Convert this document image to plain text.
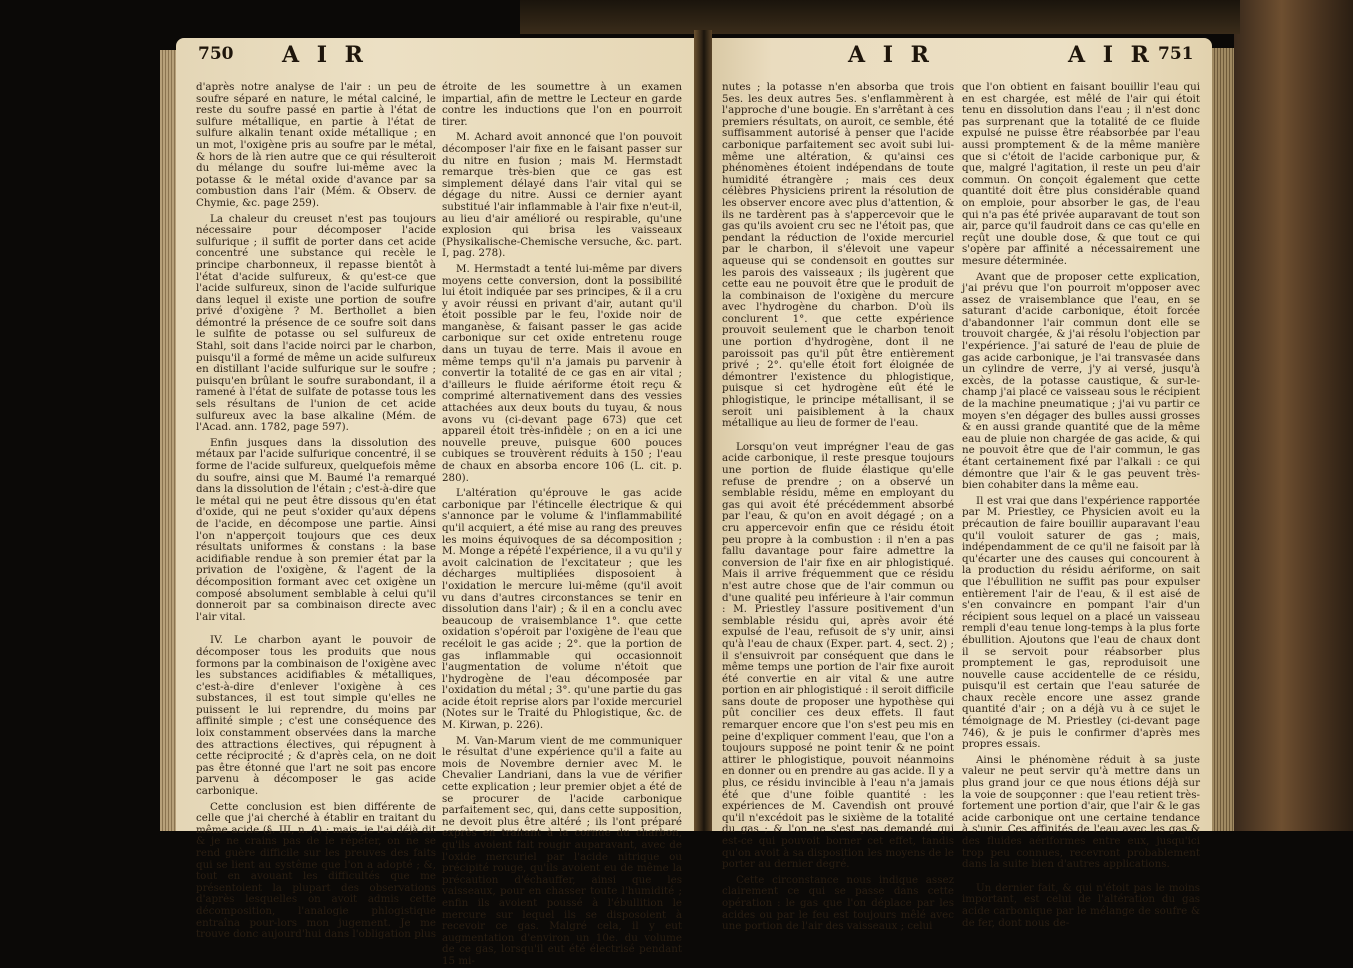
750 A I R	A I R	A I R 751

d'après notre analyse de l'air : un peu de soufre séparé en nature, le métal calciné, le reste du soufre passé en partie à l'état de sulfure métallique, en partie à l'état de sulfure alkalin tenant oxide métallique ; en un mot, l'oxigène pris au soufre par le métal, & hors de là rien autre que ce qui résulteroit du mélange du soufre lui-même avec la potasse & le métal oxide d'avance par sa combustion dans l'air (Mém. & Observ. de Chymie, &c. page 259).

La chaleur du creuset n'est pas toujours nécessaire pour décomposer l'acide sulfurique ; il suffit de porter dans cet acide concentré une substance qui recèle le principe charbonneux, il repasse bientôt à l'état d'acide sulfureux, & qu'est-ce que l'acide sulfureux, sinon de l'acide sulfurique dans lequel il existe une portion de soufre privé d'oxigène ? M. Berthollet a bien démontré la présence de ce soufre soit dans le sulfite de potasse ou sel sulfureux de Stahl, soit dans l'acide noirci par le charbon, puisqu'il a formé de même un acide sulfureux en distillant l'acide sulfurique sur le soufre ; puisqu'en brûlant le soufre surabondant, il a ramené à l'état de sulfate de potasse tous les sels résultans de l'union de cet acide sulfureux avec la base alkaline (Mém. de l'Acad. ann. 1782, page 597).

Enfin jusques dans la dissolution des métaux par l'acide sulfurique concentré, il se forme de l'acide sulfureux, quelquefois même du soufre, ainsi que M. Baumé l'a remarqué dans la dissolution de l'étain ; c'est-à-dire que le métal qui ne peut être dissous qu'en état d'oxide, qui ne peut s'oxider qu'aux dépens de l'acide, en décompose une partie. Ainsi l'on n'apperçoit toujours que ces deux résultats uniformes & constans : la base acidifiable rendue à son premier état par la privation de l'oxigène, & l'agent de la décomposition formant avec cet oxigène un composé absolument semblable à celui qu'il donneroit par sa combinaison directe avec l'air vital.

IV. Le charbon ayant le pouvoir de décomposer tous les produits que nous formons par la combinaison de l'oxigène avec les substances acidifiables & métalliques, c'est-à-dire d'enlever l'oxigène à ces substances, il est tout simple qu'elles ne puissent le lui reprendre, du moins par affinité simple ; c'est une conséquence des loix constamment observées dans la marche des attractions électives, qui répugnent à cette réciprocité ; & d'après cela, on ne doit pas être étonné que l'art ne soit pas encore parvenu à décomposer le gas acide carbonique.

Cette conclusion est bien différente de celle que j'ai cherché à établir en traitant du même acide (§. III, n. 4) ; mais, je l'ai déjà dit & je ne crains pas de le répéter, on ne se rend guère difficile sur les preuves des faits qui se lient au systême que l'on a adopté ; &, tout en avouant les difficultés que me présentoient la plupart des observations d'après lesquelles on avoit admis cette décomposition, l'analogie phlogistique entraîna pour-lors mon jugement. Je me trouve donc aujourd'hui dans l'obligation plus

étroite de les soumettre à un examen impartial, afin de mettre le Lecteur en garde contre les inductions que l'on en pourroit tirer.

M. Achard avoit annoncé que l'on pouvoit décomposer l'air fixe en le faisant passer sur du nitre en fusion ; mais M. Hermstadt remarque très-bien que ce gas est simplement délayé dans l'air vital qui se dégage du nitre. Aussi ce dernier ayant substitué l'air inflammable à l'air fixe n'eut-il, au lieu d'air amélioré ou respirable, qu'une explosion qui brisa les vaisseaux (Physikalische-Chemische versuche, &c. part. I, pag. 278).

M. Hermstadt a tenté lui-même par divers moyens cette conversion, dont la possibilité lui étoit indiquée par ses principes, & il a cru y avoir réussi en privant d'air, autant qu'il étoit possible par le feu, l'oxide noir de manganèse, & faisant passer le gas acide carbonique sur cet oxide entretenu rouge dans un tuyau de terre. Mais il avoue en même temps qu'il n'a jamais pu parvenir à convertir la totalité de ce gas en air vital ; d'ailleurs le fluide aériforme étoit reçu & comprimé alternativement dans des vessies attachées aux deux bouts du tuyau, & nous avons vu (ci-devant page 673) que cet appareil étoit très-infidèle ; on en a ici une nouvelle preuve, puisque 600 pouces cubiques se trouvèrent réduits à 150 ; l'eau de chaux en absorba encore 106 (L. cit. p. 280).

L'altération qu'éprouve le gas acide carbonique par l'étincelle électrique & qui s'annonce par le volume & l'inflammabilité qu'il acquiert, a été mise au rang des preuves les moins équivoques de sa décomposition ; M. Monge a répété l'expérience, il a vu qu'il y avoit calcination de l'excitateur ; que les décharges multipliées disposoient à l'oxidation le mercure lui-même (qu'il avoit vu dans d'autres circonstances se tenir en dissolution dans l'air) ; & il en a conclu avec beaucoup de vraisemblance 1°. que cette oxidation s'opéroit par l'oxigène de l'eau que recéloit le gas acide ; 2°. que la portion de gas inflammable qui occasionnoit l'augmentation de volume n'étoit que l'hydrogène de l'eau décomposée par l'oxidation du métal ; 3°. qu'une partie du gas acide étoit reprise alors par l'oxide mercuriel (Notes sur le Traité du Phlogistique, &c. de M. Kirwan, p. 226).

M. Van-Marum vient de me communiquer le résultat d'une expérience qu'il a faite au mois de Novembre dernier avec M. le Chevalier Landriani, dans la vue de vérifier cette explication ; leur premier objet a été de se procurer de l'acide carbonique parfaitement sec, qui, dans cette supposition, ne devoit plus être altéré ; ils l'ont préparé exprès en traitant à la cornue du charbon, qu'ils avoient fait rougir auparavant, avec de l'oxide mercuriel par l'acide nitrique ou précipité rouge, qu'ils avoient eu de même la précaution d'échauffer, ainsi que les vaisseaux, pour en chasser toute l'humidité ; enfin ils avoient poussé à l'ébullition le mercure sur lequel ils se disposoient à recevoir ce gas. Malgré cela, il y eut augmentation d'environ un 10e. du volume de ce gas, lorsqu'il eut été électrisé pendant 15 mi-

nutes ; la potasse n'en absorba que trois 5es. les deux autres 5es. s'enflammèrent à l'approche d'une bougie. En s'arrêtant à ces premiers résultats, on auroit, ce semble, été suffisamment autorisé à penser que l'acide carbonique parfaitement sec avoit subi lui-même une altération, & qu'ainsi ces phénomènes étoient indépendans de toute humidité étrangère ; mais ces deux célèbres Physiciens prirent la résolution de les observer encore avec plus d'attention, & ils ne tardèrent pas à s'appercevoir que le gas qu'ils avoient cru sec ne l'étoit pas, que pendant la réduction de l'oxide mercuriel par le charbon, il s'élevoit une vapeur aqueuse qui se condensoit en gouttes sur les parois des vaisseaux ; ils jugèrent que cette eau ne pouvoit être que le produit de la combinaison de l'oxigène du mercure avec l'hydrogène du charbon. D'où ils conclurent 1°. que cette expérience prouvoit seulement que le charbon tenoit une portion d'hydrogène, dont il ne paroissoit pas qu'il pût être entièrement privé ; 2°. qu'elle étoit fort éloignée de démontrer l'existence du phlogistique, puisque si cet hydrogène eût été le phlogistique, le principe métallisant, il se seroit uni paisiblement à la chaux métallique au lieu de former de l'eau.

Lorsqu'on veut imprégner l'eau de gas acide carbonique, il reste presque toujours une portion de fluide élastique qu'elle refuse de prendre ; on a observé un semblable résidu, même en employant du gas qui avoit été précédemment absorbé par l'eau, & qu'on en avoit dégagé ; on a cru appercevoir enfin que ce résidu étoit peu propre à la combustion : il n'en a pas fallu davantage pour faire admettre la conversion de l'air fixe en air phlogistiqué. Mais il arrive fréquemment que ce résidu n'est autre chose que de l'air commun ou d'une qualité peu inférieure à l'air commun : M. Priestley l'assure positivement d'un semblable résidu qui, après avoir été expulsé de l'eau, refusoit de s'y unir, ainsi qu'à l'eau de chaux (Exper. part. 4, sect. 2) ; il s'ensuivroit par conséquent que dans le même temps une portion de l'air fixe auroit été convertie en air vital & une autre portion en air phlogistiqué : il seroit difficile sans doute de proposer une hypothèse qui pût concilier ces deux effets. Il faut remarquer encore que l'on s'est peu mis en peine d'expliquer comment l'eau, que l'on a toujours supposé ne point tenir & ne point attirer le phlogistique, pouvoit néanmoins en donner ou en prendre au gas acide. Il y a plus, ce résidu invincible à l'eau n'a jamais été que d'une foible quantité : les expériences de M. Cavendish ont prouvé qu'il n'excédoit pas le sixième de la totalité du gas ; & l'on ne s'est pas demandé qui est-ce qui pouvoit borner cet effet, tandis qu'on avoit à sa disposition les moyens de le porter au dernier degré.

Cette circonstance nous indique assez clairement ce qui se passe dans cette opération : le gas que l'on déplace par les acides ou par le feu est toujours mêlé avec une portion de l'air des vaisseaux ; celui

que l'on obtient en faisant bouillir l'eau qui en est chargée, est mêlé de l'air qui étoit tenu en dissolution dans l'eau ; il n'est donc pas surprenant que la totalité de ce fluide expulsé ne puisse être réabsorbée par l'eau aussi promptement & de la même manière que si c'étoit de l'acide carbonique pur, & que, malgré l'agitation, il reste un peu d'air commun. On conçoit également que cette quantité doit être plus considérable quand on emploie, pour absorber le gas, de l'eau qui n'a pas été privée auparavant de tout son air, parce qu'il faudroit dans ce cas qu'elle en reçût une double dose, & que tout ce qui s'opère par affinité a nécessairement une mesure déterminée.

Avant que de proposer cette explication, j'ai prévu que l'on pourroit m'opposer avec assez de vraisemblance que l'eau, en se saturant d'acide carbonique, étoit forcée d'abandonner l'air commun dont elle se trouvoit chargée, & j'ai résolu l'objection par l'expérience. J'ai saturé de l'eau de pluie de gas acide carbonique, je l'ai transvasée dans un cylindre de verre, j'y ai versé, jusqu'à excès, de la potasse caustique, & sur-le-champ j'ai placé ce vaisseau sous le récipient de la machine pneumatique ; j'ai vu partir ce moyen s'en dégager des bulles aussi grosses & en aussi grande quantité que de la même eau de pluie non chargée de gas acide, & qui ne pouvoit être que de l'air commun, le gas étant certainement fixé par l'alkali : ce qui démontre que l'air & le gas peuvent très-bien cohabiter dans la même eau.

Il est vrai que dans l'expérience rapportée par M. Priestley, ce Physicien avoit eu la précaution de faire bouillir auparavant l'eau qu'il vouloit saturer de gas ; mais, indépendamment de ce qu'il ne faisoit par là qu'écarter une des causes qui concourent à la production du résidu aériforme, on sait que l'ébullition ne suffit pas pour expulser entièrement l'air de l'eau, & il est aisé de s'en convaincre en pompant l'air d'un récipient sous lequel on a placé un vaisseau rempli d'eau tenue long-temps à la plus forte ébullition. Ajoutons que l'eau de chaux dont il se servoit pour réabsorber plus promptement le gas, reproduisoit une nouvelle cause accidentelle de ce résidu, puisqu'il est certain que l'eau saturée de chaux recèle encore une assez grande quantité d'air ; on a déjà vu à ce sujet le témoignage de M. Priestley (ci-devant page 746), & je puis le confirmer d'après mes propres essais.

Ainsi le phénomène réduit à sa juste valeur ne peut servir qu'à mettre dans un plus grand jour ce que nous étions déjà sur la voie de soupçonner : que l'eau retient très-fortement une portion d'air, que l'air & le gas acide carbonique ont une certaine tendance à s'unir. Ces affinités de l'eau avec les gas & des fluides aériformes entre eux, jusqu'ici trop peu connues, recevront probablement dans la suite bien d'autres applications.

Un dernier fait, & qui n'étoit pas le moins important, est celui de l'altération du gas acide carbonique par le mélange de soufre & de fer, dont nous de-
